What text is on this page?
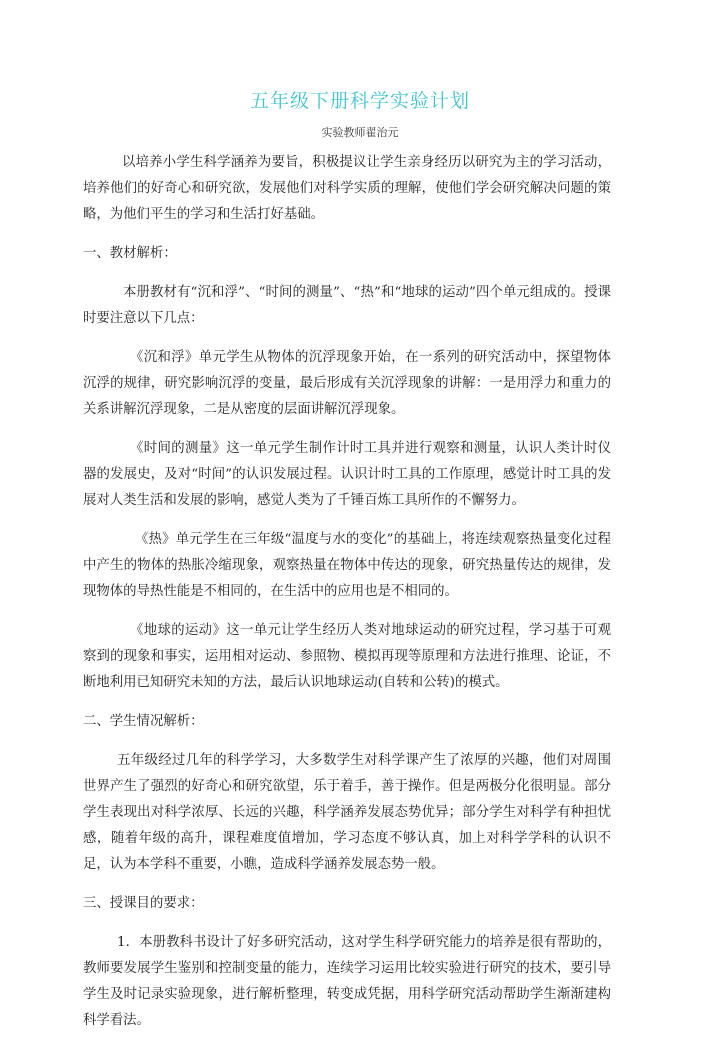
五年级下册科学实验计划
实验教师翟治元

以培养小学生科学涵养为要旨，积极提议让学生亲身经历以研究为主的学习活动，培养他们的好奇心和研究欲，发展他们对科学实质的理解，使他们学会研究解决问题的策略，为他们平生的学习和生活打好基础。

一、教材解析：

本册教材有“沉和浮”、“时间的测量”、“热”和“地球的运动”四个单元组成的。授课时要注意以下几点：

《沉和浮》单元学生从物体的沉浮现象开始，在一系列的研究活动中，探望物体沉浮的规律，研究影响沉浮的变量，最后形成有关沉浮现象的讲解：一是用浮力和重力的关系讲解沉浮现象，二是从密度的层面讲解沉浮现象。

《时间的测量》这一单元学生制作计时工具并进行观察和测量，认识人类计时仪器的发展史，及对“时间”的认识发展过程。认识计时工具的工作原理，感觉计时工具的发展对人类生活和发展的影响，感觉人类为了千锤百炼工具所作的不懈努力。

《热》单元学生在三年级“温度与水的变化”的基础上，将连续观察热量变化过程中产生的物体的热胀冷缩现象，观察热量在物体中传达的现象，研究热量传达的规律，发现物体的导热性能是不相同的，在生活中的应用也是不相同的。

《地球的运动》这一单元让学生经历人类对地球运动的研究过程，学习基于可观察到的现象和事实，运用相对运动、参照物、模拟再现等原理和方法进行推理、论证，不断地利用已知研究未知的方法，最后认识地球运动(自转和公转)的模式。

二、学生情况解析：

五年级经过几年的科学学习，大多数学生对科学课产生了浓厚的兴趣，他们对周围世界产生了强烈的好奇心和研究欲望，乐于着手，善于操作。但是两极分化很明显。部分学生表现出对科学浓厚、长远的兴趣，科学涵养发展态势优异；部分学生对科学有种担忧感，随着年级的高升，课程难度值增加，学习态度不够认真，加上对科学学科的认识不足，认为本学科不重要，小瞧，造成科学涵养发展态势一般。

三、授课目的要求：

1．本册教科书设计了好多研究活动，这对学生科学研究能力的培养是很有帮助的，教师要发展学生鉴别和控制变量的能力，连续学习运用比较实验进行研究的技术，要引导学生及时记录实验现象，进行解析整理，转变成凭据，用科学研究活动帮助学生渐渐建构科学看法。
